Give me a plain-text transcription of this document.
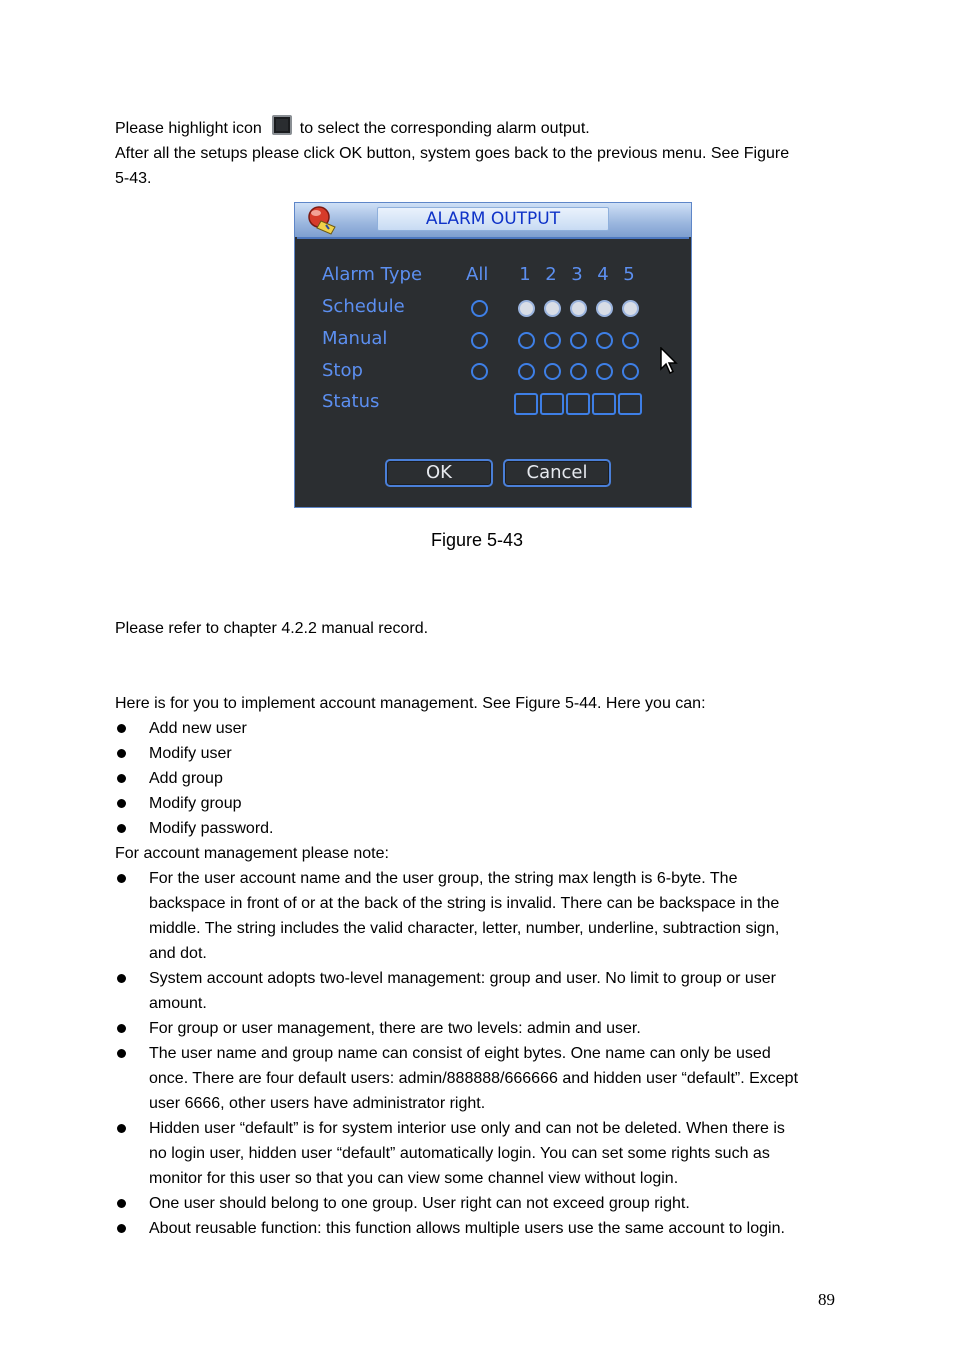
Please highlight icon to select the corresponding alarm output.

After all the setups please click OK button, system goes back to the previous menu. See Figure

5-43.

ALARM OUTPUT
Alarm Type
Schedule
Manual
Stop
Status
All 1 2 3 4 5
OK	Cancel
Figure 5-43

Please refer to chapter 4.2.2 manual record.

Here is for you to implement account management. See Figure 5-44. Here you can:

Add new user

Modify user

Add group

Modify group

Modify password.

For account management please note:

For the user account name and the user group, the string max length is 6-byte. The

backspace in front of or at the back of the string is invalid. There can be backspace in the

middle. The string includes the valid character, letter, number, underline, subtraction sign,

and dot.

System account adopts two-level management: group and user. No limit to group or user

amount.

For group or user management, there are two levels: admin and user.

The user name and group name can consist of eight bytes. One name can only be used

once. There are four default users: admin/888888/666666 and hidden user “default”. Except

user 6666, other users have administrator right.

Hidden user “default” is for system interior use only and can not be deleted. When there is

no login user, hidden user “default” automatically login. You can set some rights such as

monitor for this user so that you can view some channel view without login.

One user should belong to one group. User right can not exceed group right.

About reusable function: this function allows multiple users use the same account to login.

89
